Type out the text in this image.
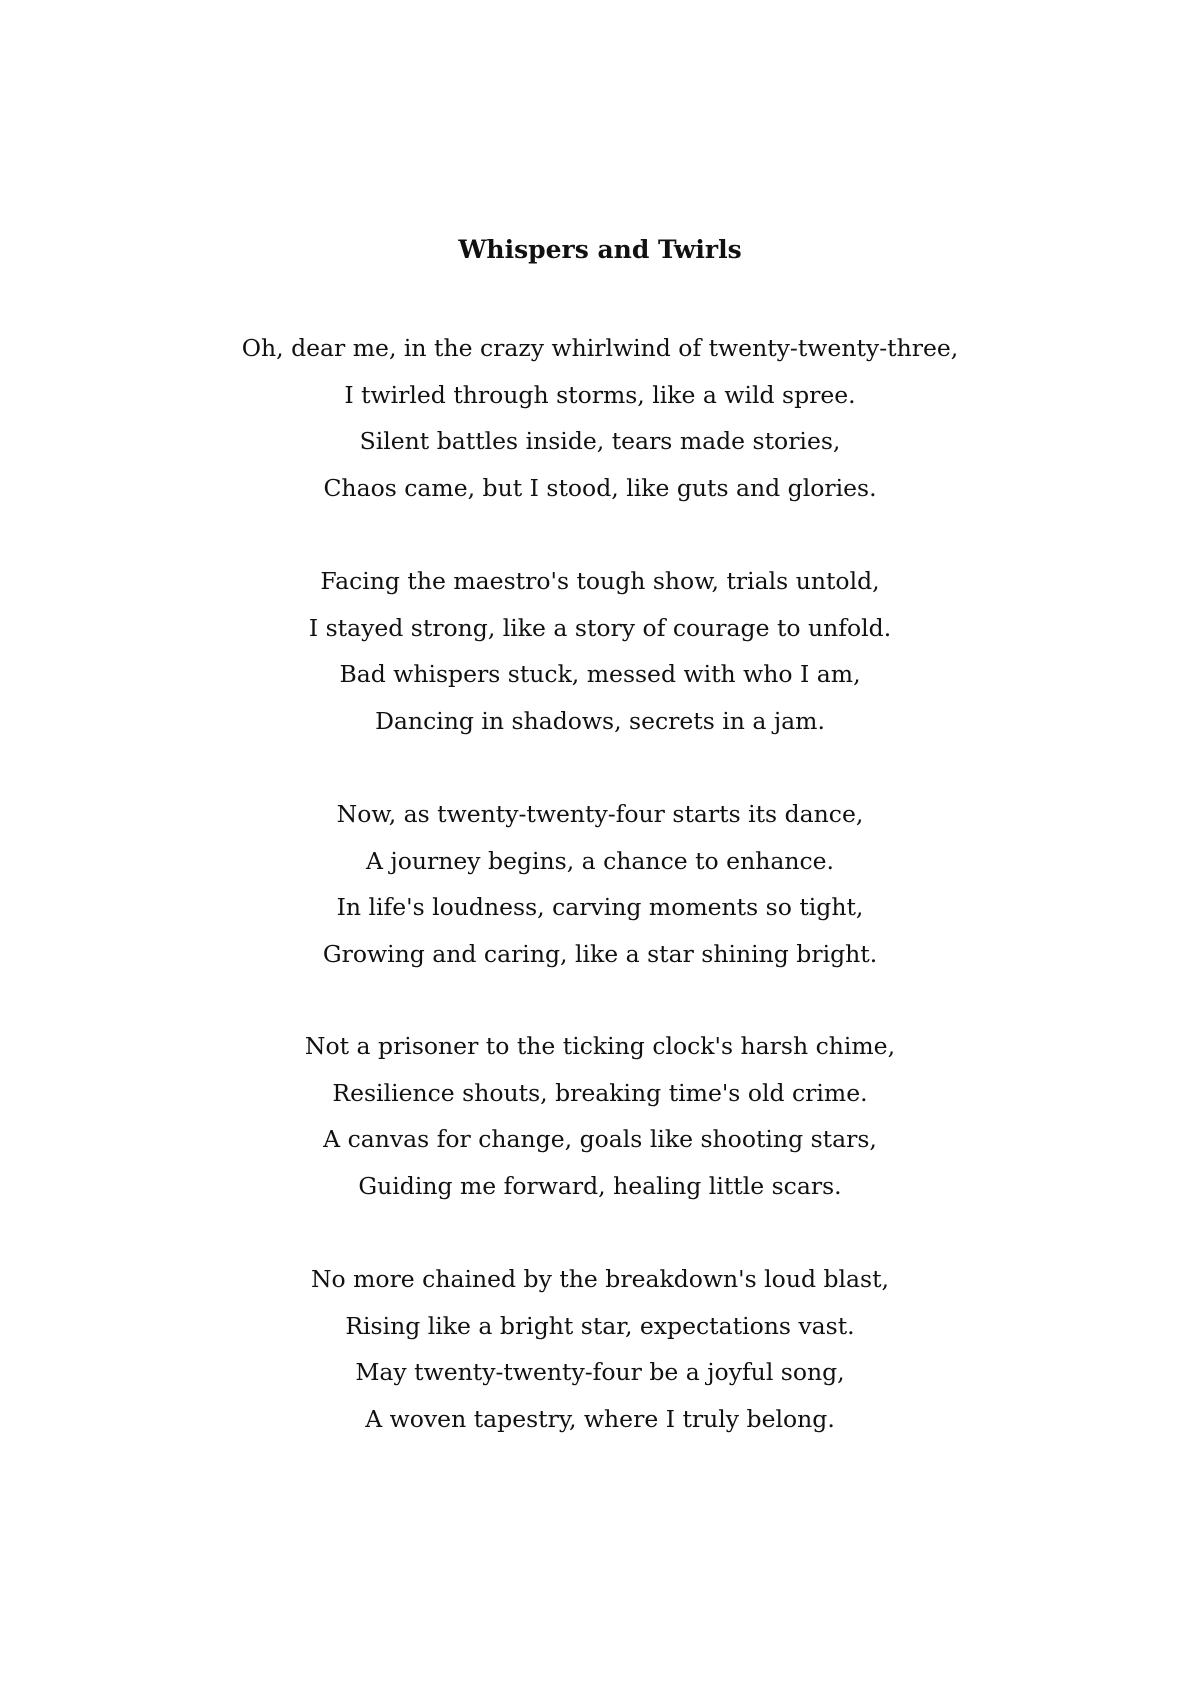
Whispers and Twirls
Oh, dear me, in the crazy whirlwind of twenty-twenty-three,
I twirled through storms, like a wild spree.
Silent battles inside, tears made stories,
Chaos came, but I stood, like guts and glories.
Facing the maestro's tough show, trials untold,
I stayed strong, like a story of courage to unfold.
Bad whispers stuck, messed with who I am,
Dancing in shadows, secrets in a jam.
Now, as twenty-twenty-four starts its dance,
A journey begins, a chance to enhance.
In life's loudness, carving moments so tight,
Growing and caring, like a star shining bright.
Not a prisoner to the ticking clock's harsh chime,
Resilience shouts, breaking time's old crime.
A canvas for change, goals like shooting stars,
Guiding me forward, healing little scars.
No more chained by the breakdown's loud blast,
Rising like a bright star, expectations vast.
May twenty-twenty-four be a joyful song,
A woven tapestry, where I truly belong.
